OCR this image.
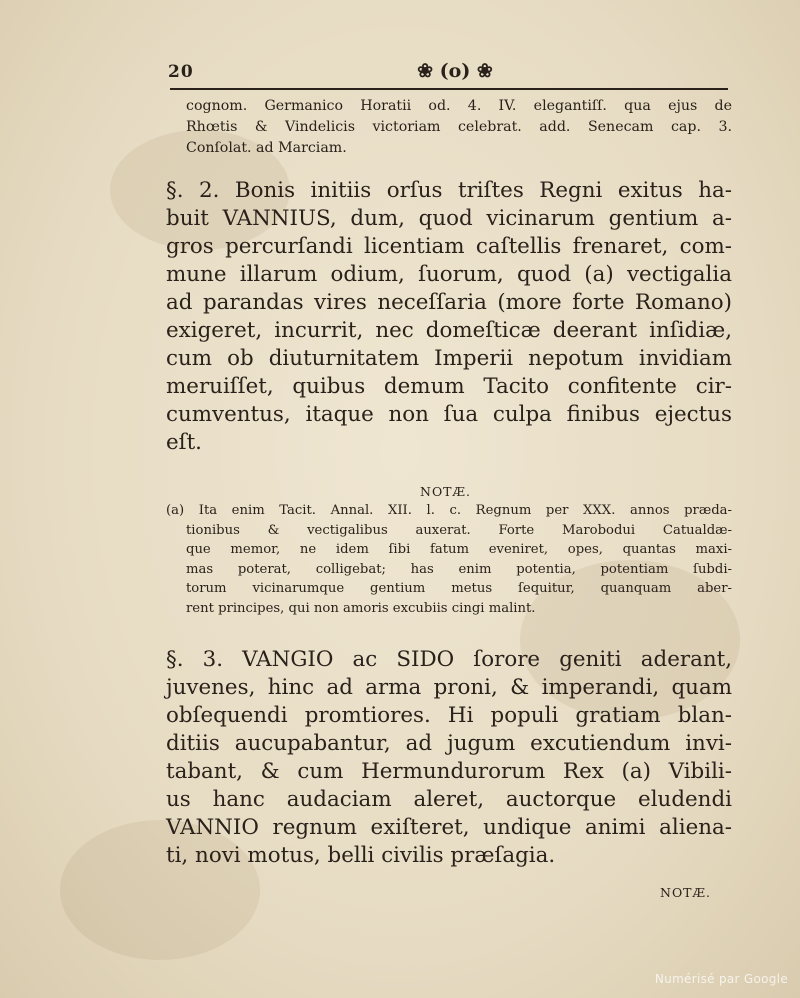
20	❀ (o) ❀
cognom. Germanico Horatii od. 4. IV. elegantiſſ. qua ejus de
Rhœtis & Vindelicis victoriam celebrat. add. Senecam cap. 3.
Conſolat. ad Marciam.
§. 2. Bonis initiis orſus triſtes Regni exitus ha-
buit VANNIUS, dum, quod vicinarum gentium a-
gros percurſandi licentiam caſtellis frenaret, com-
mune illarum odium, ſuorum, quod (a) vectigalia
ad parandas vires neceſſaria (more forte Romano)
exigeret, incurrit, nec domeſticæ deerant inſidiæ,
cum ob diuturnitatem Imperii nepotum invidiam
meruiſſet, quibus demum Tacito confitente cir-
cumventus, itaque non ſua culpa finibus ejectus
eſt.
NOTÆ.
(a) Ita enim Tacit. Annal. XII. l. c. Regnum per XXX. annos præda-
tionibus & vectigalibus auxerat. Forte Marobodui Catualdæ-
que memor, ne idem ſibi fatum eveniret, opes, quantas maxi-
mas poterat, colligebat; has enim potentia, potentiam ſubdi-
torum vicinarumque gentium metus ſequitur, quanquam aber-
rent principes, qui non amoris excubiis cingi malint.
§. 3. VANGIO ac SIDO ſorore geniti aderant,
juvenes, hinc ad arma proni, & imperandi, quam
obſequendi promtiores. Hi populi gratiam blan-
ditiis aucupabantur, ad jugum excutiendum invi-
tabant, & cum Hermundurorum Rex (a) Vibili-
us hanc audaciam aleret, auctorque eludendi
VANNIO regnum exiſteret, undique animi aliena-
ti, novi motus, belli civilis præſagia.
NOTÆ.
Numérisé par Google
